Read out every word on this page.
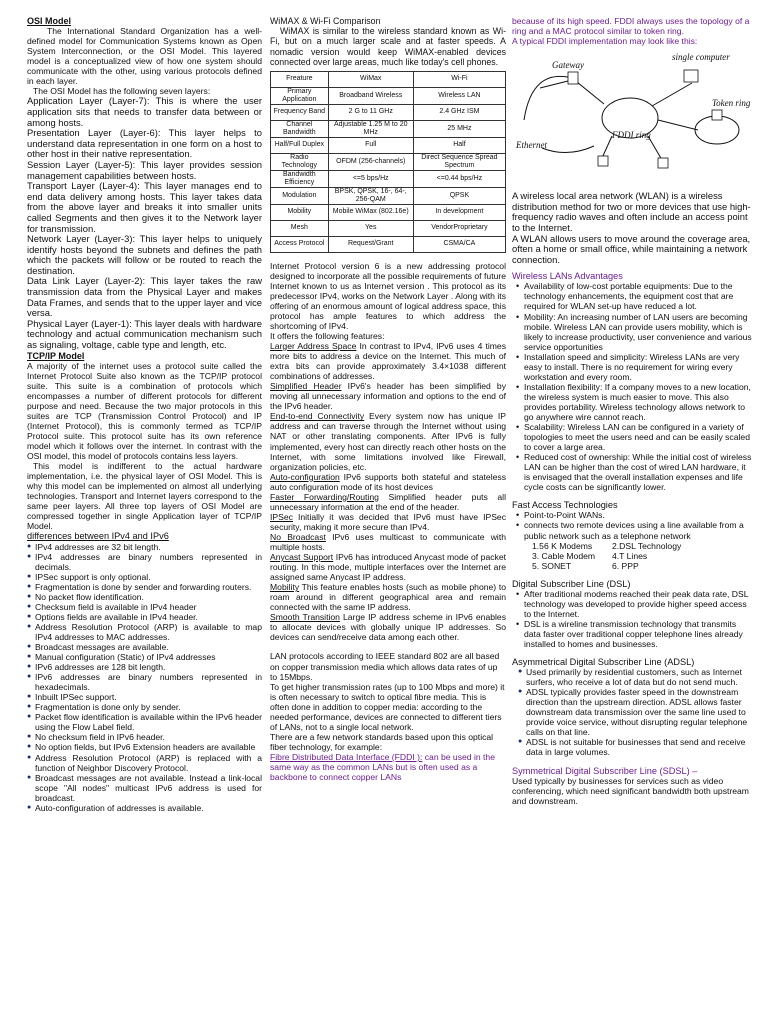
OSI Model

The International Standard Organization has a well-defined model for Communication Systems known as Open System Interconnection, or the OSI Model. This layered model is a conceptualized view of how one system should communicate with the other, using various protocols defined in each layer.

The OSI Model has the following seven layers:

Application Layer (Layer-7): This is where the user application sits that needs to transfer data between or among hosts.

Presentation Layer (Layer-6): This layer helps to understand data representation in one form on a host to other host in their native representation.

Session Layer (Layer-5): This layer provides session management capabilities between hosts.

Transport Layer (Layer-4): This layer manages end to end data delivery among hosts. This layer takes data from the above layer and breaks it into smaller units called Segments and then gives it to the Network layer for transmission.

Network Layer (Layer-3): This layer helps to uniquely identify hosts beyond the subnets and defines the path which the packets will follow or be routed to reach the destination.

Data Link Layer (Layer-2): This layer takes the raw transmission data from the Physical Layer and makes Data Frames, and sends that to the upper layer and vice versa.

Physical Layer (Layer-1): This layer deals with hardware technology and actual communication mechanism such as signaling, voltage, cable type and length, etc.

TCP/IP Model

A majority of the internet uses a protocol suite called the Internet Protocol Suite also known as the TCP/IP protocol suite. This suite is a combination of protocols which encompasses a number of different protocols for different purpose and need. Because the two major protocols in this suites are TCP (Transmission Control Protocol) and IP (Internet Protocol), this is commonly termed as TCP/IP Protocol suite. This protocol suite has its own reference model which it follows over the internet. In contrast with the OSI model, this model of protocols contains less layers.

This model is indifferent to the actual hardware implementation, i.e. the physical layer of OSI Model. This is why this model can be implemented on almost all underlying technologies. Transport and Internet layers correspond to the same peer layers. All three top layers of OSI Model are compressed together in single Application layer of TCP/IP Model.

differences between IPv4 and IPv6

● IPv4 addresses are 32 bit length.
● IPv4 addresses are binary numbers represented in decimals.
● IPSec support is only optional.
● Fragmentation is done by sender and forwarding routers.
● No packet flow identification.
● Checksum field is available in IPv4 header
● Options fields are available in IPv4 header.
● Address Resolution Protocol (ARP) is available to map IPv4 addresses to MAC addresses.
● Broadcast messages are available.
● Manual configuration (Static) of IPv4 addresses
● IPv6 addresses are 128 bit length.
● IPv6 addresses are binary numbers represented in hexadecimals.
● Inbuilt IPSec support.
● Fragmentation is done only by sender.
● Packet flow identification is available within the IPv6 header using the Flow Label field.
● No checksum field in IPv6 header.
● No option fields, but IPv6 Extension headers are available
● Address Resolution Protocol (ARP) is replaced with a function of Neighbor Discovery Protocol.
● Broadcast messages are not available. Instead a link-local scope "All nodes" multicast IPv6 address is used for broadcast.
● Auto-configuration of addresses is available.

WiMAX & Wi-Fi Comparison

WiMAX is similar to the wireless standard known as Wi-Fi, but on a much larger scale and at faster speeds. A nomadic version would keep WiMAX-enabled devices connected over large areas, much like today's cell phones.

Freature	WiMax	Wi-Fi
Primary Application	Broadband Wireless	Wireless LAN
Frequency Band	2 G to 11 GHz	2.4 GHz ISM
Channel Bandwidth	Adjustable 1.25 M to 20 MHz	25 MHz
Half/Full Duplex	Full	Half
Radio Technology	OFDM (256-channels)	Direct Sequence Spread Spectrum
Bandwidth Efficiency	<=5 bps/Hz	<=0.44 bps/Hz
Modulation	BPSK, QPSK, 16-, 64-, 256-QAM	QPSK
Mobility	Mobile WiMax (802.16e)	In development
Mesh	Yes	VendorProprietary
Access Protocol	Request/Grant	CSMA/CA

Internet Protocol version 6 is a new addressing protocol designed to incorporate all the possible requirements of future Internet known to us as Internet version . This protocol as its predecessor IPv4, works on the Network Layer . Along with its offering of an enormous amount of logical address space, this protocol has ample features to which address the shortcoming of IPv4.

It offers the following features:

Larger Address Space In contrast to IPv4, IPv6 uses 4 times more bits to address a device on the Internet. This much of extra bits can provide approximately 3.4×1038 different combinations of addresses.

Simplified Header IPv6's header has been simplified by moving all unnecessary information and options to the end of the IPv6 header.

End-to-end Connectivity Every system now has unique IP address and can traverse through the Internet without using NAT or other translating components. After IPv6 is fully implemented, every host can directly reach other hosts on the Internet, with some limitations involved like Firewall, organization policies, etc.

Auto-configuration IPv6 supports both stateful and stateless auto configuration mode of its host devices

Faster Forwarding/Routing Simplified header puts all unnecessary information at the end of the header.

IPSec Initially it was decided that IPv6 must have IPSec security, making it more secure than IPv4.

No Broadcast IPv6 uses multicast to communicate with multiple hosts.

Anycast Support IPv6 has introduced Anycast mode of packet routing. In this mode, multiple interfaces over the Internet are assigned same Anycast IP address.

Mobility This feature enables hosts (such as mobile phone) to roam around in different geographical area and remain connected with the same IP address.

Smooth Transition Large IP address scheme in IPv6 enables to allocate devices with globally unique IP addresses. So devices can send/receive data among each other.

LAN protocols according to IEEE standard 802 are all based on copper transmission media which allows data rates of up to 15Mbps.

To get higher transmission rates (up to 100 Mbps and more) it is often necessary to switch to optical fibre media. This is often done in addition to copper media: according to the needed performance, devices are connected to different tiers of LANs, not to a single local network.

There are a few network standards based upon this optical fiber technology, for example:

Fibre Distributed Data Interface (FDDI ): can be used in the same way as the common LANs but is often used as a backbone to connect copper LANs

because of its high speed. FDDI always uses the topology of a ring and a MAC protocol similar to token ring.

A typical FDDI implementation may look like this:

Gateway
single computer
FDDI ring
Token ring
Ethernet

A wireless local area network (WLAN) is a wireless distribution method for two or more devices that use high-frequency radio waves and often include an access point to the Internet.

A WLAN allows users to move around the coverage area, often a home or small office, while maintaining a network connection.

Wireless LANs Advantages

• Availability of low-cost portable equipments: Due to the technology enhancements, the equipment cost that are required for WLAN set-up have reduced a lot.
• Mobility: An increasing number of LAN users are becoming mobile. Wireless LAN can provide users mobility, which is likely to increase productivity, user convenience and various service opportunities
• Installation speed and simplicity: Wireless LANs are very easy to install. There is no requirement for wiring every workstation and every room.
• Installation flexibility: If a company moves to a new location, the wireless system is much easier to move. This also provides portability. Wireless technology allows network to go anywhere wire cannot reach.
• Scalability: Wireless LAN can be configured in a variety of topologies to meet the users need and can be easily scaled to cover a large area.
• Reduced cost of ownership: While the initial cost of wireless LAN can be higher than the cost of wired LAN hardware, it is envisaged that the overall installation expenses and life cycle costs can be significantly lower.

Fast Access Technologies

• Point-to-Point WANs.
• connects two remote devices using a line available from a public network such as a telephone network
1.56 K Modems	2.DSL Technology
3. Cable Modem	4.T Lines
5. SONET	6. PPP

Digital Subscriber Line (DSL)

• After traditional modems reached their peak data rate, DSL technology was developed to provide higher speed access to the Internet.
• DSL is a wireline transmission technology that transmits data faster over traditional copper telephone lines already installed to homes and businesses.

Asymmetrical Digital Subscriber Line (ADSL)

● Used primarily by residential customers, such as Internet surfers, who receive a lot of data but do not send much.
● ADSL typically provides faster speed in the downstream direction than the upstream direction. ADSL allows faster downstream data transmission over the same line used to provide voice service, without disrupting regular telephone calls on that line.
● ADSL is not suitable for businesses that send and receive data in large volumes.

Symmetrical Digital Subscriber Line (SDSL) –

Used typically by businesses for services such as video conferencing, which need significant bandwidth both upstream and downstream.
